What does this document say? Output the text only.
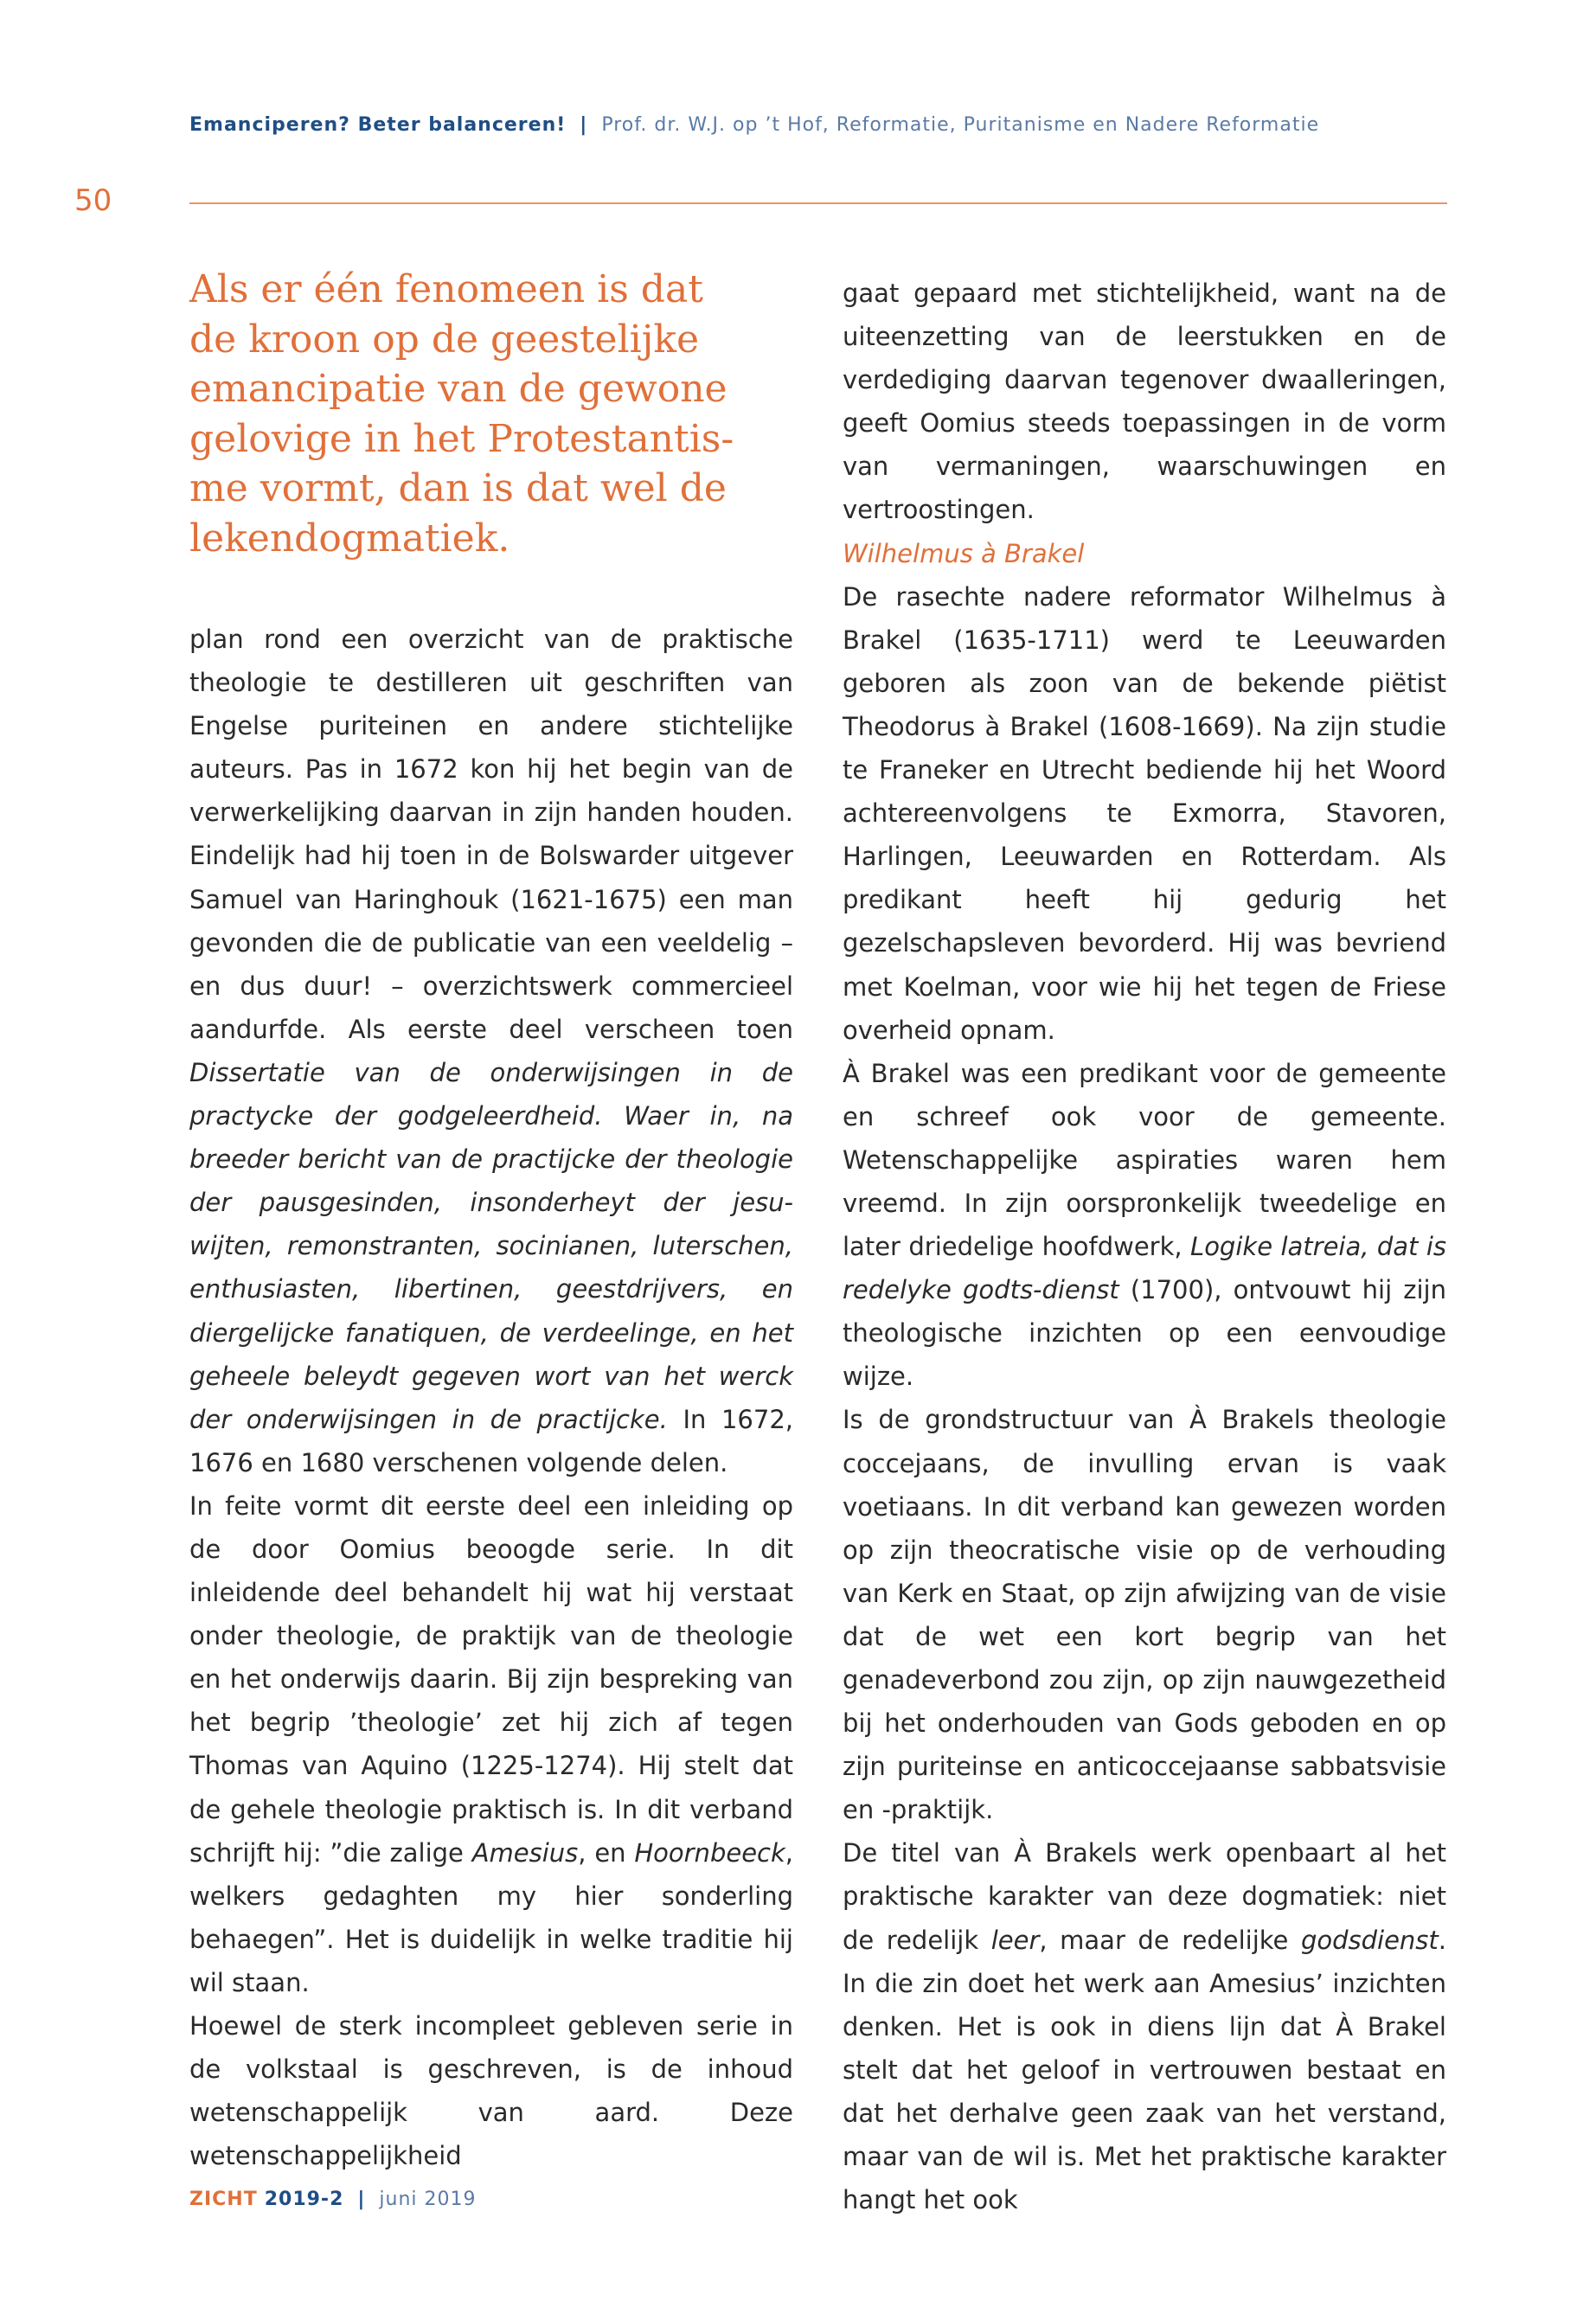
Emanciperen? Beter balanceren! | Prof. dr. W.J. op ’t Hof, Reformatie, Puritanisme en Nadere Reformatie
50
Als er één fenomeen is dat
de kroon op de geestelijke
emancipatie van de gewone
gelovige in het Protestantis-
me vormt, dan is dat wel de
lekendogmatiek.

plan rond een overzicht van de praktische theologie te destilleren uit geschriften van Engelse puriteinen en andere stichtelijke auteurs. Pas in 1672 kon hij het begin van de verwerkelijking daarvan in zijn handen houden. Eindelijk had hij toen in de Bolswarder uitgever Samuel van Haringhouk (1621-1675) een man gevonden die de publicatie van een veeldelig – en dus duur! – overzichtswerk commercieel aandurfde. Als eerste deel verscheen toen Dissertatie van de onderwijsingen in de practycke der godgeleerdheid. Waer in, na breeder bericht van de practijcke der theologie der pausgesinden, insonderheyt der jesu-wijten, remonstranten, socinianen, luterschen, enthusiasten, libertinen, geestdrijvers, en diergelijcke fanatiquen, de verdeelinge, en het geheele beleydt gegeven wort van het werck der onderwijsingen in de practijcke. In 1672, 1676 en 1680 verschenen volgende delen.

In feite vormt dit eerste deel een inleiding op de door Oomius beoogde serie. In dit inleidende deel behandelt hij wat hij verstaat onder theologie, de praktijk van de theologie en het onderwijs daarin. Bij zijn bespreking van het begrip ’theologie’ zet hij zich af tegen Thomas van Aquino (1225-1274). Hij stelt dat de gehele theologie praktisch is. In dit verband schrijft hij: ”die zalige Amesius, en Hoornbeeck, welkers gedaghten my hier sonderling behaegen”. Het is duidelijk in welke traditie hij wil staan.

Hoewel de sterk incompleet gebleven serie in de volkstaal is geschreven, is de inhoud wetenschappelijk van aard. Deze wetenschappelijkheid

gaat gepaard met stichtelijkheid, want na de uiteenzetting van de leerstukken en de verdediging daarvan tegenover dwaalleringen, geeft Oomius steeds toepassingen in de vorm van vermaningen, waarschuwingen en vertroostingen.

Wilhelmus à Brakel

De rasechte nadere reformator Wilhelmus à Brakel (1635-1711) werd te Leeuwarden geboren als zoon van de bekende piëtist Theodorus à Brakel (1608-1669). Na zijn studie te Franeker en Utrecht bediende hij het Woord achtereenvolgens te Exmorra, Stavoren, Harlingen, Leeuwarden en Rotterdam. Als predikant heeft hij gedurig het gezelschapsleven bevorderd. Hij was bevriend met Koelman, voor wie hij het tegen de Friese overheid opnam.

À Brakel was een predikant voor de gemeente en schreef ook voor de gemeente. Wetenschappelijke aspiraties waren hem vreemd. In zijn oorspronkelijk tweedelige en later driedelige hoofdwerk, Logike latreia, dat is redelyke godts-dienst (1700), ontvouwt hij zijn theologische inzichten op een eenvoudige wijze.

Is de grondstructuur van À Brakels theologie coccejaans, de invulling ervan is vaak voetiaans. In dit verband kan gewezen worden op zijn theocratische visie op de verhouding van Kerk en Staat, op zijn afwijzing van de visie dat de wet een kort begrip van het genadeverbond zou zijn, op zijn nauwgezetheid bij het onderhouden van Gods geboden en op zijn puriteinse en anticoccejaanse sabbatsvisie en -praktijk.

De titel van À Brakels werk openbaart al het praktische karakter van deze dogmatiek: niet de redelijk leer, maar de redelijke godsdienst. In die zin doet het werk aan Amesius’ inzichten denken. Het is ook in diens lijn dat À Brakel stelt dat het geloof in vertrouwen bestaat en dat het derhalve geen zaak van het verstand, maar van de wil is. Met het praktische karakter hangt het ook

ZICHT 2019-2 | juni 2019
